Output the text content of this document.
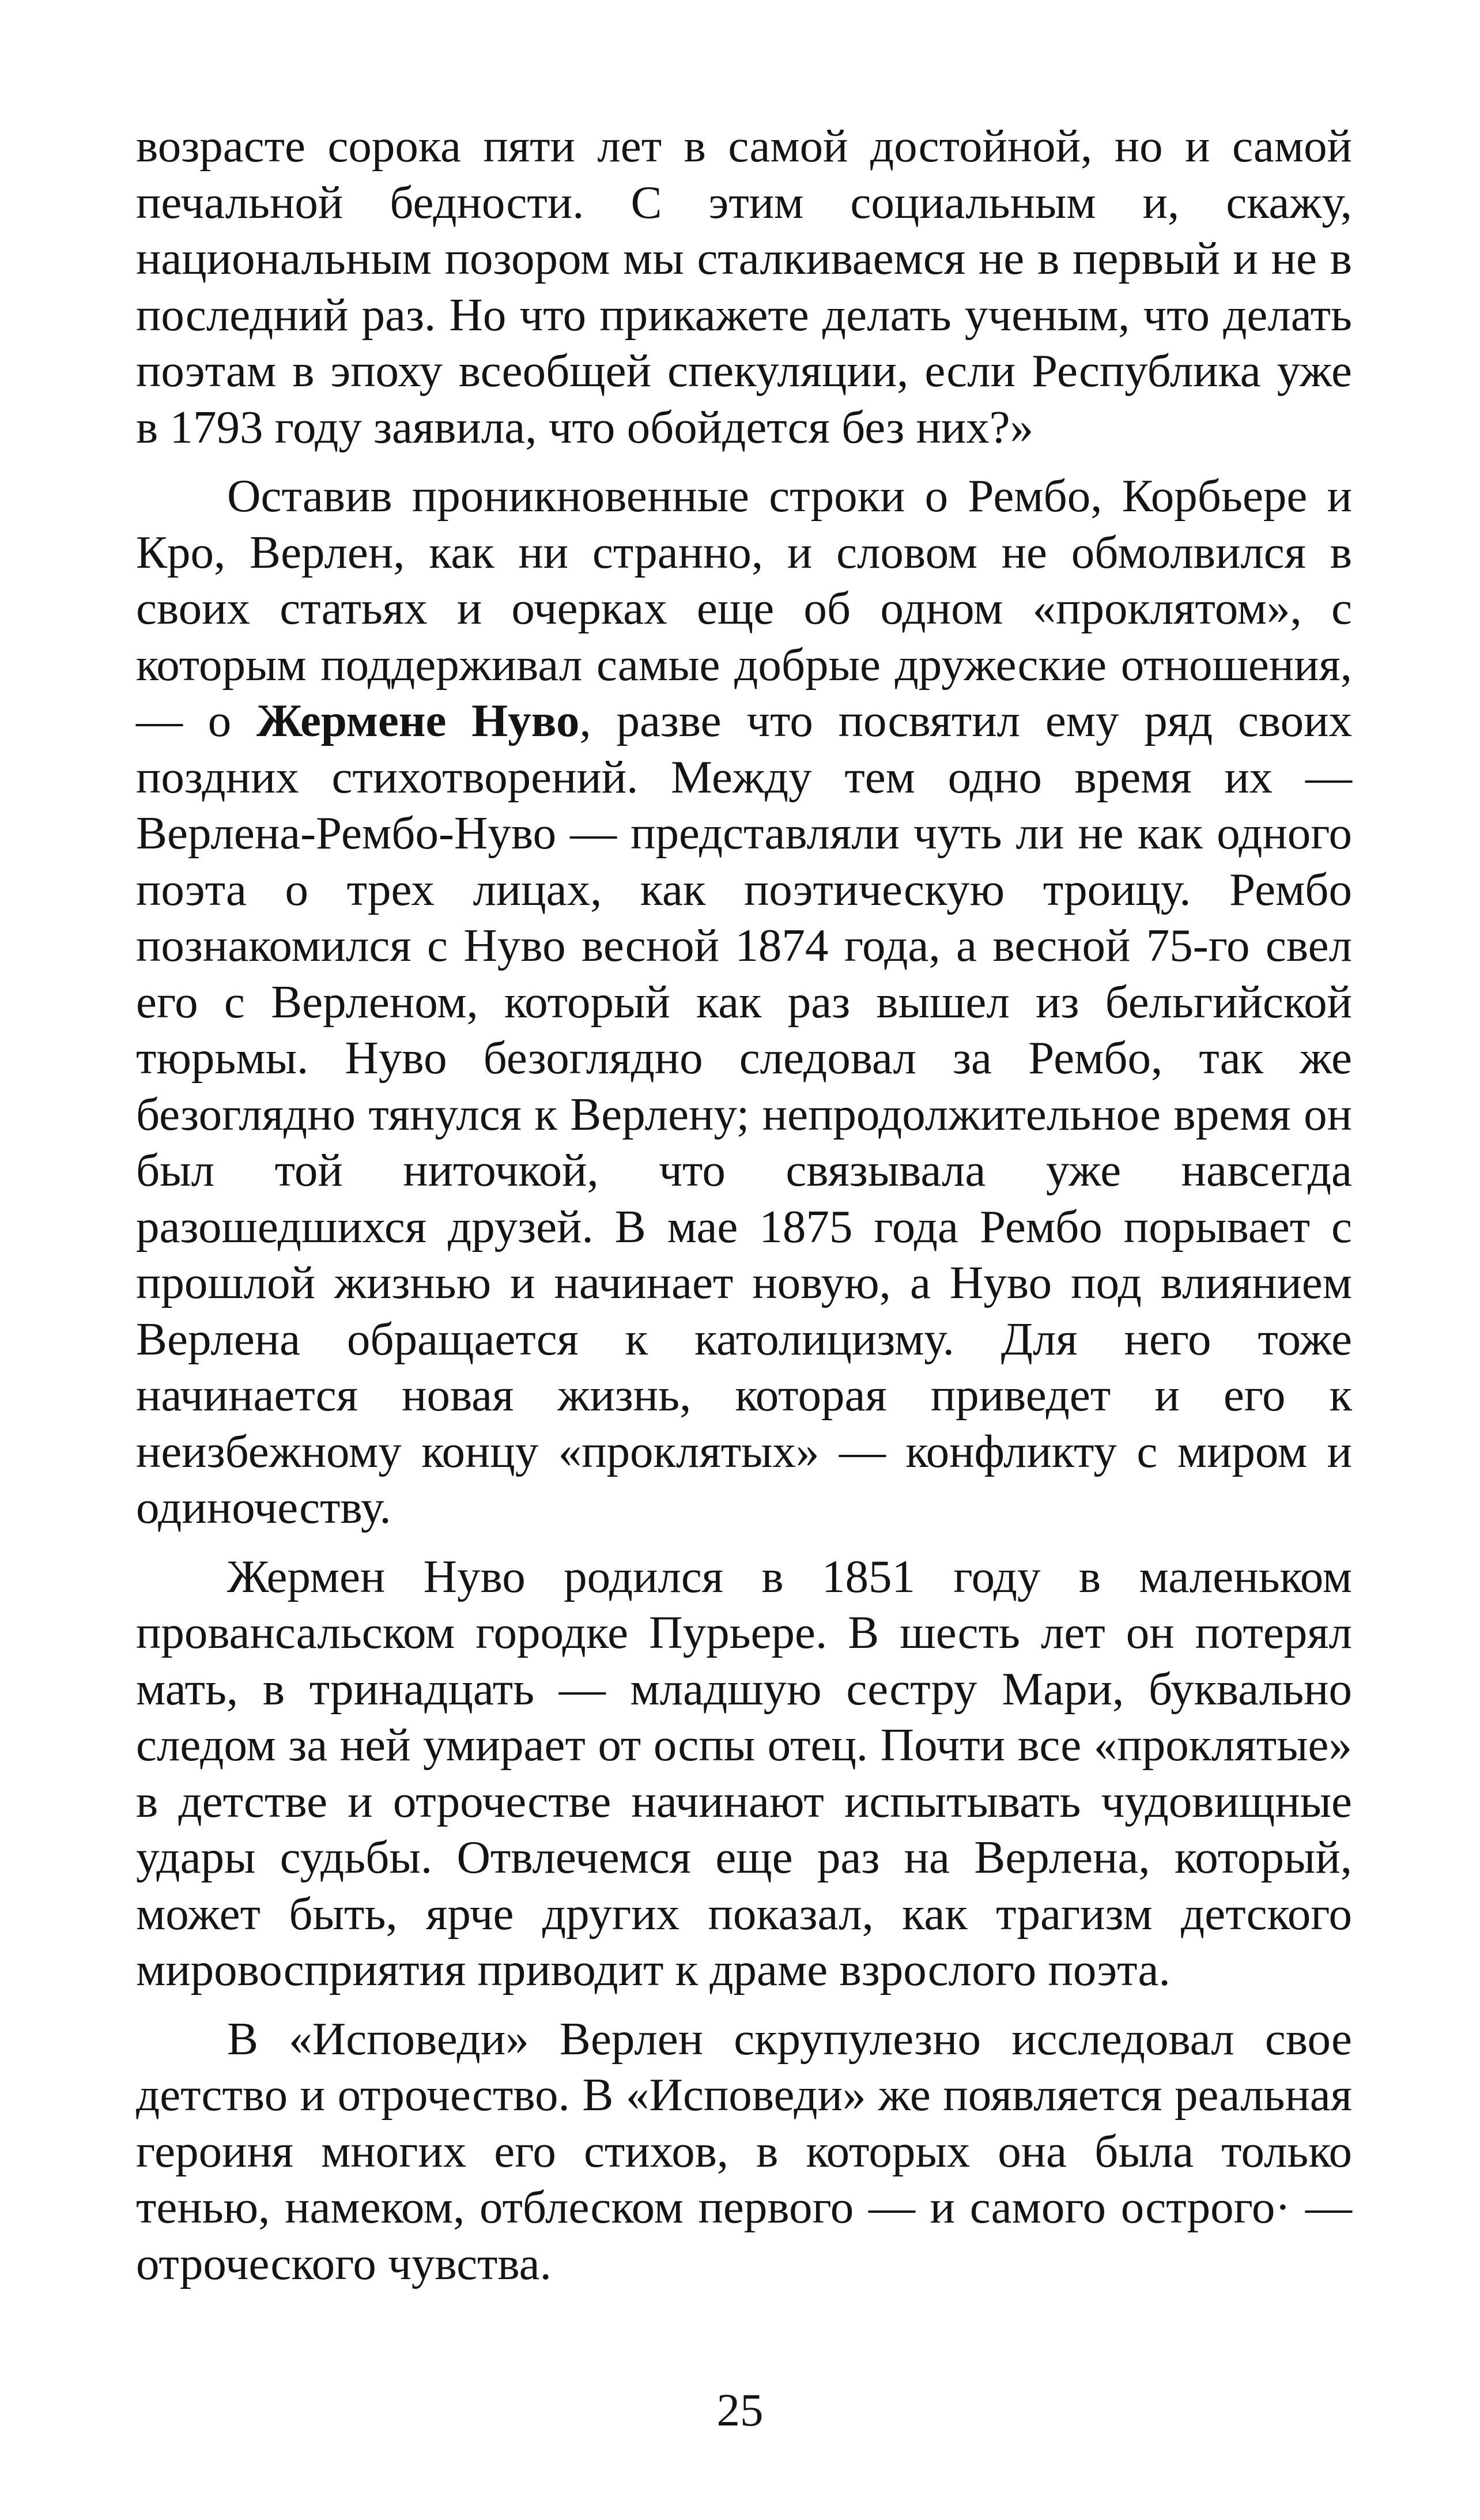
возрасте сорока пяти лет в самой достойной, но и самой печальной бедности. С этим социальным и, скажу, национальным позором мы сталкиваемся не в первый и не в последний раз. Но что прикажете делать ученым, что делать поэтам в эпоху всеобщей спекуляции, если Республика уже в 1793 году заявила, что обойдется без них?»

Оставив проникновенные строки о Рембо, Корбьере и Кро, Верлен, как ни странно, и словом не обмолвился в своих статьях и очерках еще об одном «проклятом», с которым поддерживал самые добрые дружеские отношения, — о Жермене Нуво, разве что посвятил ему ряд своих поздних стихотворений. Между тем одно время их — Верлена-Рембо-Нуво — представляли чуть ли не как одного поэта о трех лицах, как поэтическую троицу. Рембо познакомился с Нуво весной 1874 года, а весной 75-го свел его с Верленом, который как раз вышел из бельгийской тюрьмы. Нуво безоглядно следовал за Рембо, так же безоглядно тянулся к Верлену; непродолжительное время он был той ниточкой, что связывала уже навсегда разошедшихся друзей. В мае 1875 года Рембо порывает с прошлой жизнью и начинает новую, а Нуво под влиянием Верлена обращается к католицизму. Для него тоже начинается новая жизнь, которая приведет и его к неизбежному концу «проклятых» — конфликту с миром и одиночеству.

Жермен Нуво родился в 1851 году в маленьком провансальском городке Пурьере. В шесть лет он потерял мать, в тринадцать — младшую сестру Мари, буквально следом за ней умирает от оспы отец. Почти все «проклятые» в детстве и отрочестве начинают испытывать чудовищные удары судьбы. Отвлечемся еще раз на Верлена, который, может быть, ярче других показал, как трагизм детского мировосприятия приводит к драме взрослого поэта.

В «Исповеди» Верлен скрупулезно исследовал свое детство и отрочество. В «Исповеди» же появляется реальная героиня многих его стихов, в которых она была только тенью, намеком, отблеском первого — и самого острого· — отроческого чувства.

25
